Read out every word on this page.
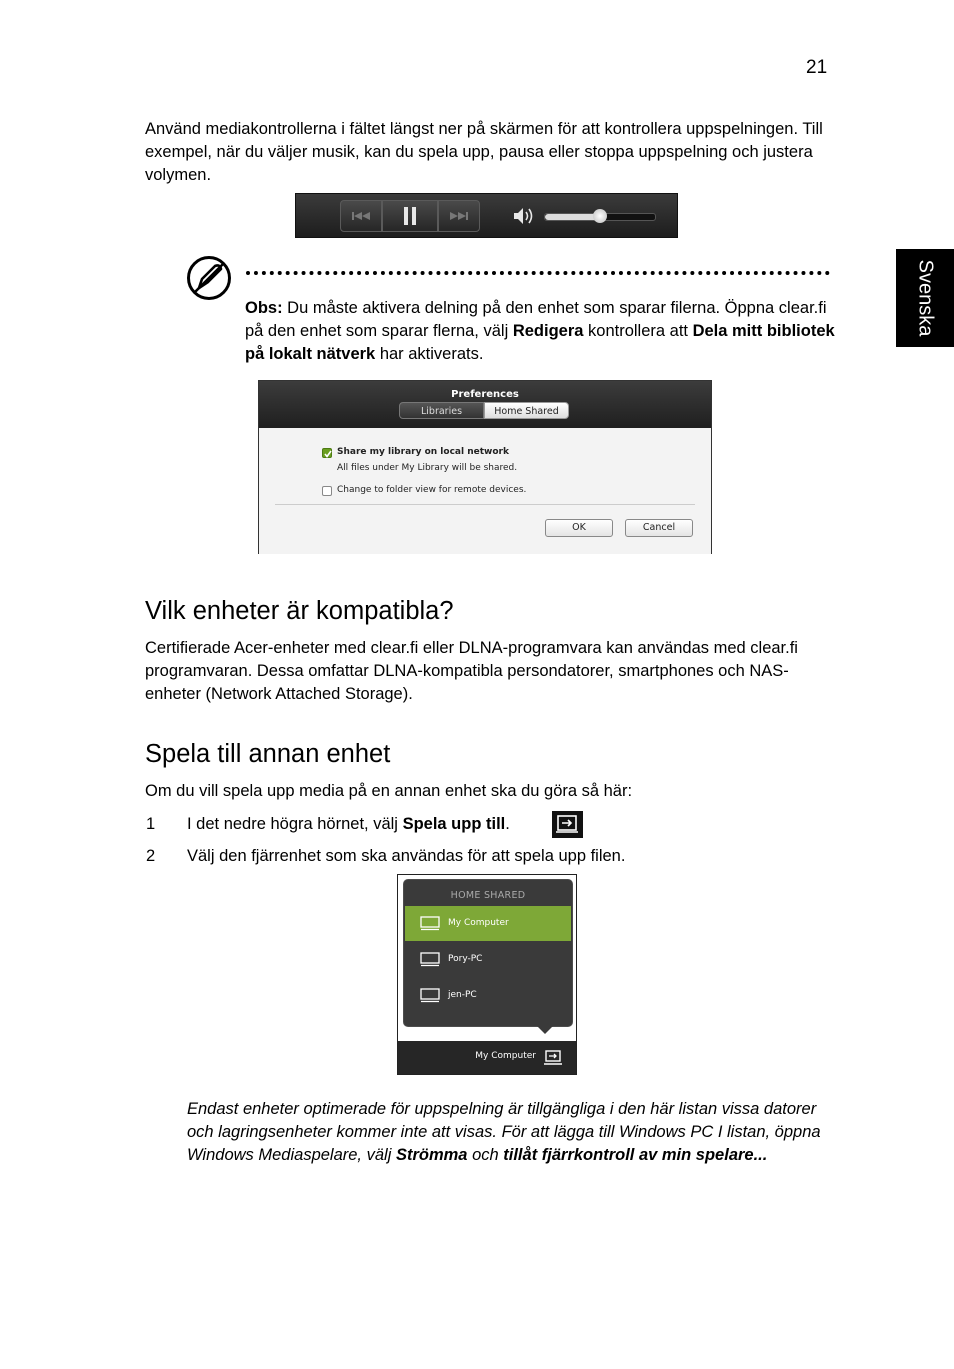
21
Svenska
Använd mediakontrollerna i fältet längst ner på skärmen för att kontrollera uppspelningen. Till exempel, när du väljer musik, kan du spela upp, pausa eller stoppa uppspelning och justera volymen.
Obs: Du måste aktivera delning på den enhet som sparar filerna. Öppna clear.fi på den enhet som sparar flerna, välj Redigera kontrollera att Dela mitt bibliotek på lokalt nätverk har aktiverats.
Preferences
Libraries	Home Shared
Share my library on local network
All files under My Library will be shared.
Change to folder view for remote devices.
OK	Cancel
Vilk enheter är kompatibla?
Certifierade Acer-enheter med clear.fi eller DLNA-programvara kan användas med clear.fi programvaran. Dessa omfattar DLNA-kompatibla persondatorer, smartphones och NAS-enheter (Network Attached Storage).
Spela till annan enhet
Om du vill spela upp media på en annan enhet ska du göra så här:
1 I det nedre högra hörnet, välj Spela upp till.
2 Välj den fjärrenhet som ska användas för att spela upp filen.
HOME SHARED
My Computer
Pory-PC
jen-PC
My Computer
Endast enheter optimerade för uppspelning är tillgängliga i den här listan vissa datorer och lagringsenheter kommer inte att visas. För att lägga till Windows PC I listan, öppna Windows Mediaspelare, välj Strömma och tillåt fjärrkontroll av min spelare...
